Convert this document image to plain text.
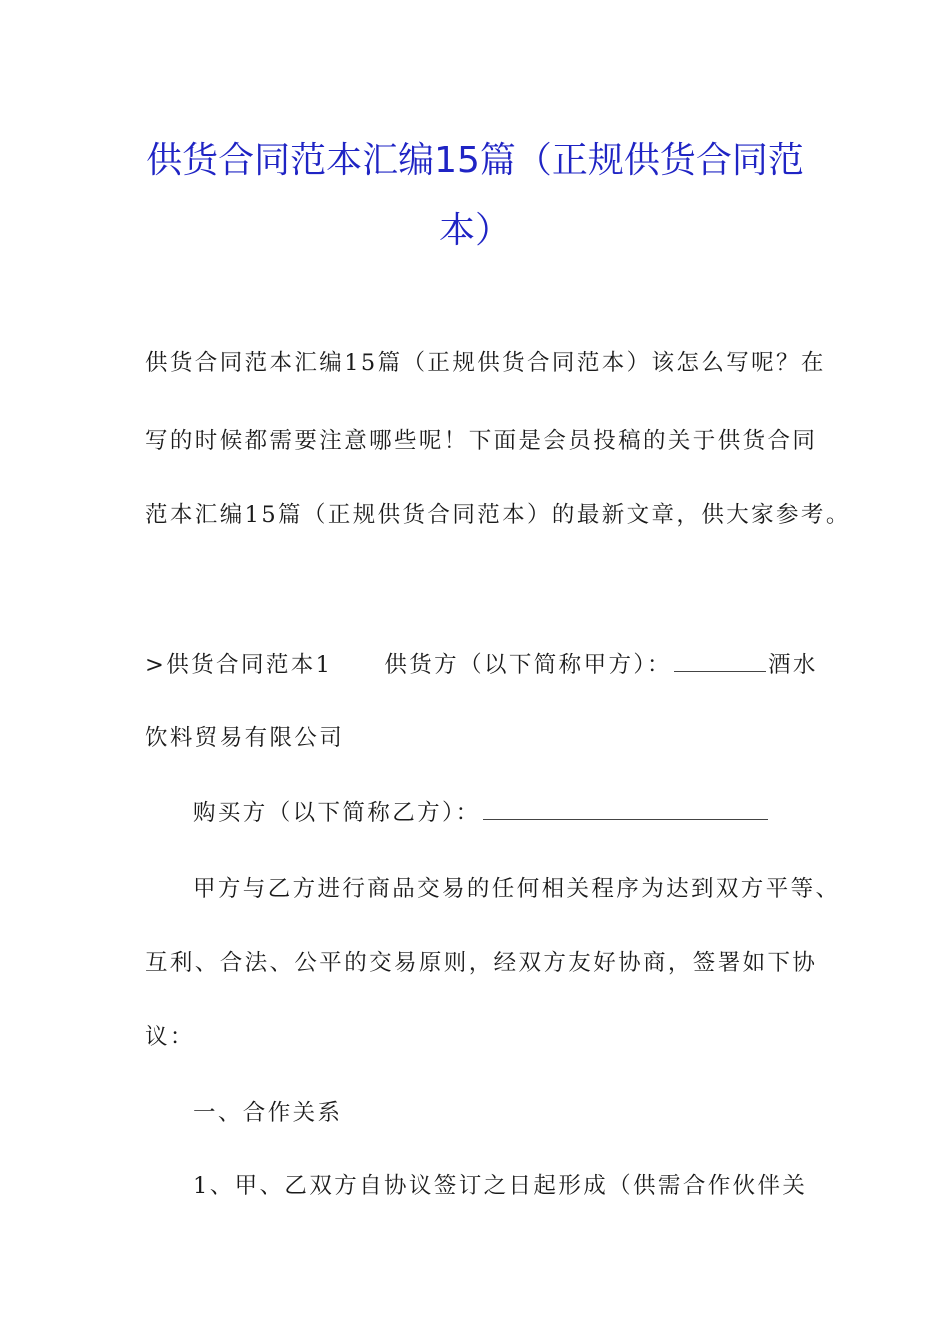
供货合同范本汇编15篇（正规供货合同范
本）

供货合同范本汇编15篇（正规供货合同范本）该怎么写呢？在

写的时候都需要注意哪些呢！下面是会员投稿的关于供货合同

范本汇编15篇（正规供货合同范本）的最新文章，供大家参考。

>供货合同范本1 供货方（以下简称甲方）：	酒水

饮料贸易有限公司

购买方（以下简称乙方）：

甲方与乙方进行商品交易的任何相关程序为达到双方平等、

互利、合法、公平的交易原则，经双方友好协商，签署如下协

议：

一、合作关系

1、甲、乙双方自协议签订之日起形成（供需合作伙伴关
